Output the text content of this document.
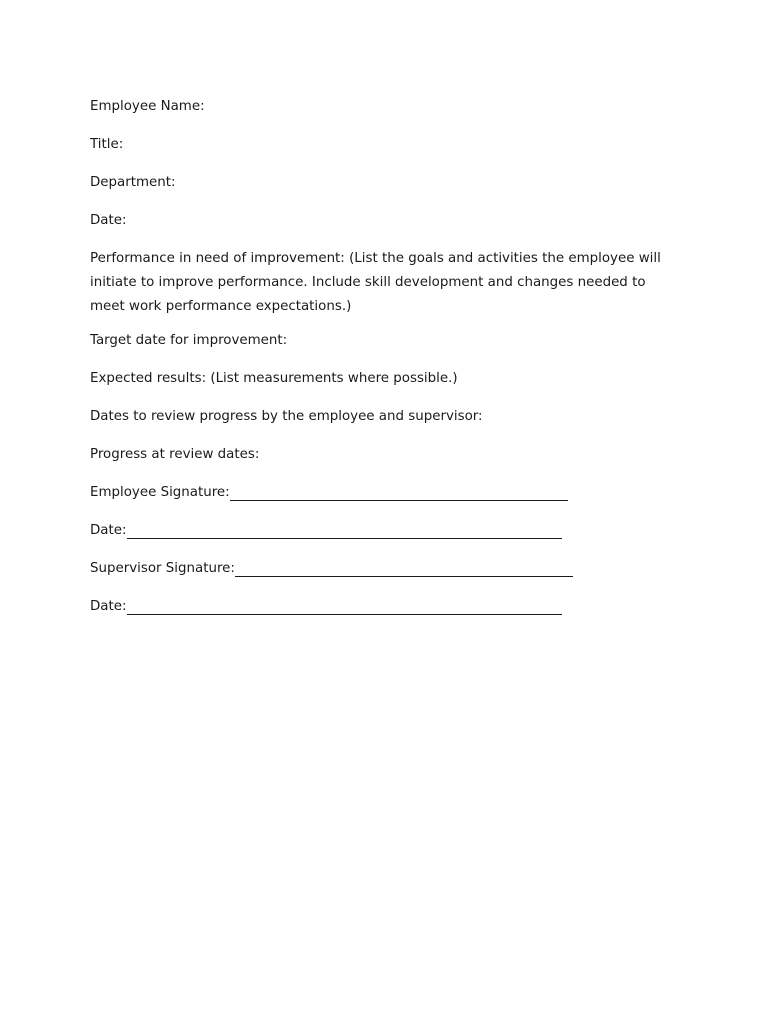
Employee Name:
Title:
Department:
Date:
Performance in need of improvement: (List the goals and activities the employee will initiate to improve performance. Include skill development and changes needed to meet work performance expectations.)
Target date for improvement:
Expected results: (List measurements where possible.)
Dates to review progress by the employee and supervisor:
Progress at review dates:
Employee Signature:
Date:
Supervisor Signature:
Date:
